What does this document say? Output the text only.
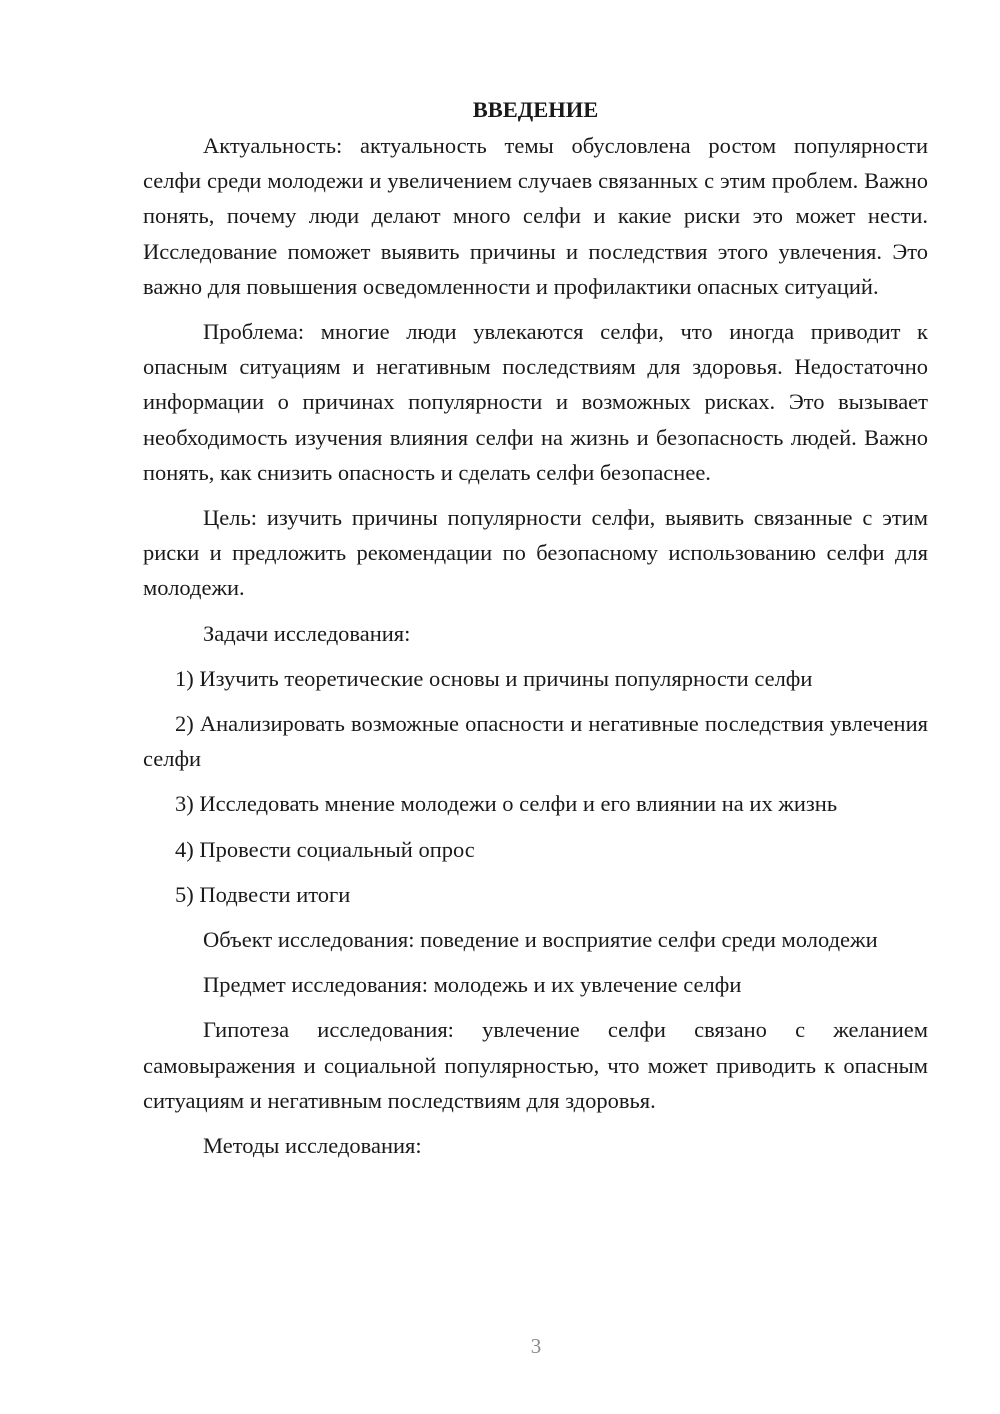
ВВЕДЕНИЕ

Актуальность: актуальность темы обусловлена ростом популярности селфи среди молодежи и увеличением случаев связанных с этим проблем. Важно понять, почему люди делают много селфи и какие риски это может нести. Исследование поможет выявить причины и последствия этого увлечения. Это важно для повышения осведомленности и профилактики опасных ситуаций.

Проблема: многие люди увлекаются селфи, что иногда приводит к опасным ситуациям и негативным последствиям для здоровья. Недостаточно информации о причинах популярности и возможных рисках. Это вызывает необходимость изучения влияния селфи на жизнь и безопасность людей. Важно понять, как снизить опасность и сделать селфи безопаснее.

Цель: изучить причины популярности селфи, выявить связанные с этим риски и предложить рекомендации по безопасному использованию селфи для молодежи.

Задачи исследования:

1) Изучить теоретические основы и причины популярности селфи

2) Анализировать возможные опасности и негативные последствия увлечения селфи

3) Исследовать мнение молодежи о селфи и его влиянии на их жизнь

4) Провести социальный опрос

5) Подвести итоги

Объект исследования: поведение и восприятие селфи среди молодежи

Предмет исследования: молодежь и их увлечение селфи

Гипотеза исследования: увлечение селфи связано с желанием самовыражения и социальной популярностью, что может приводить к опасным ситуациям и негативным последствиям для здоровья.

Методы исследования:

3
